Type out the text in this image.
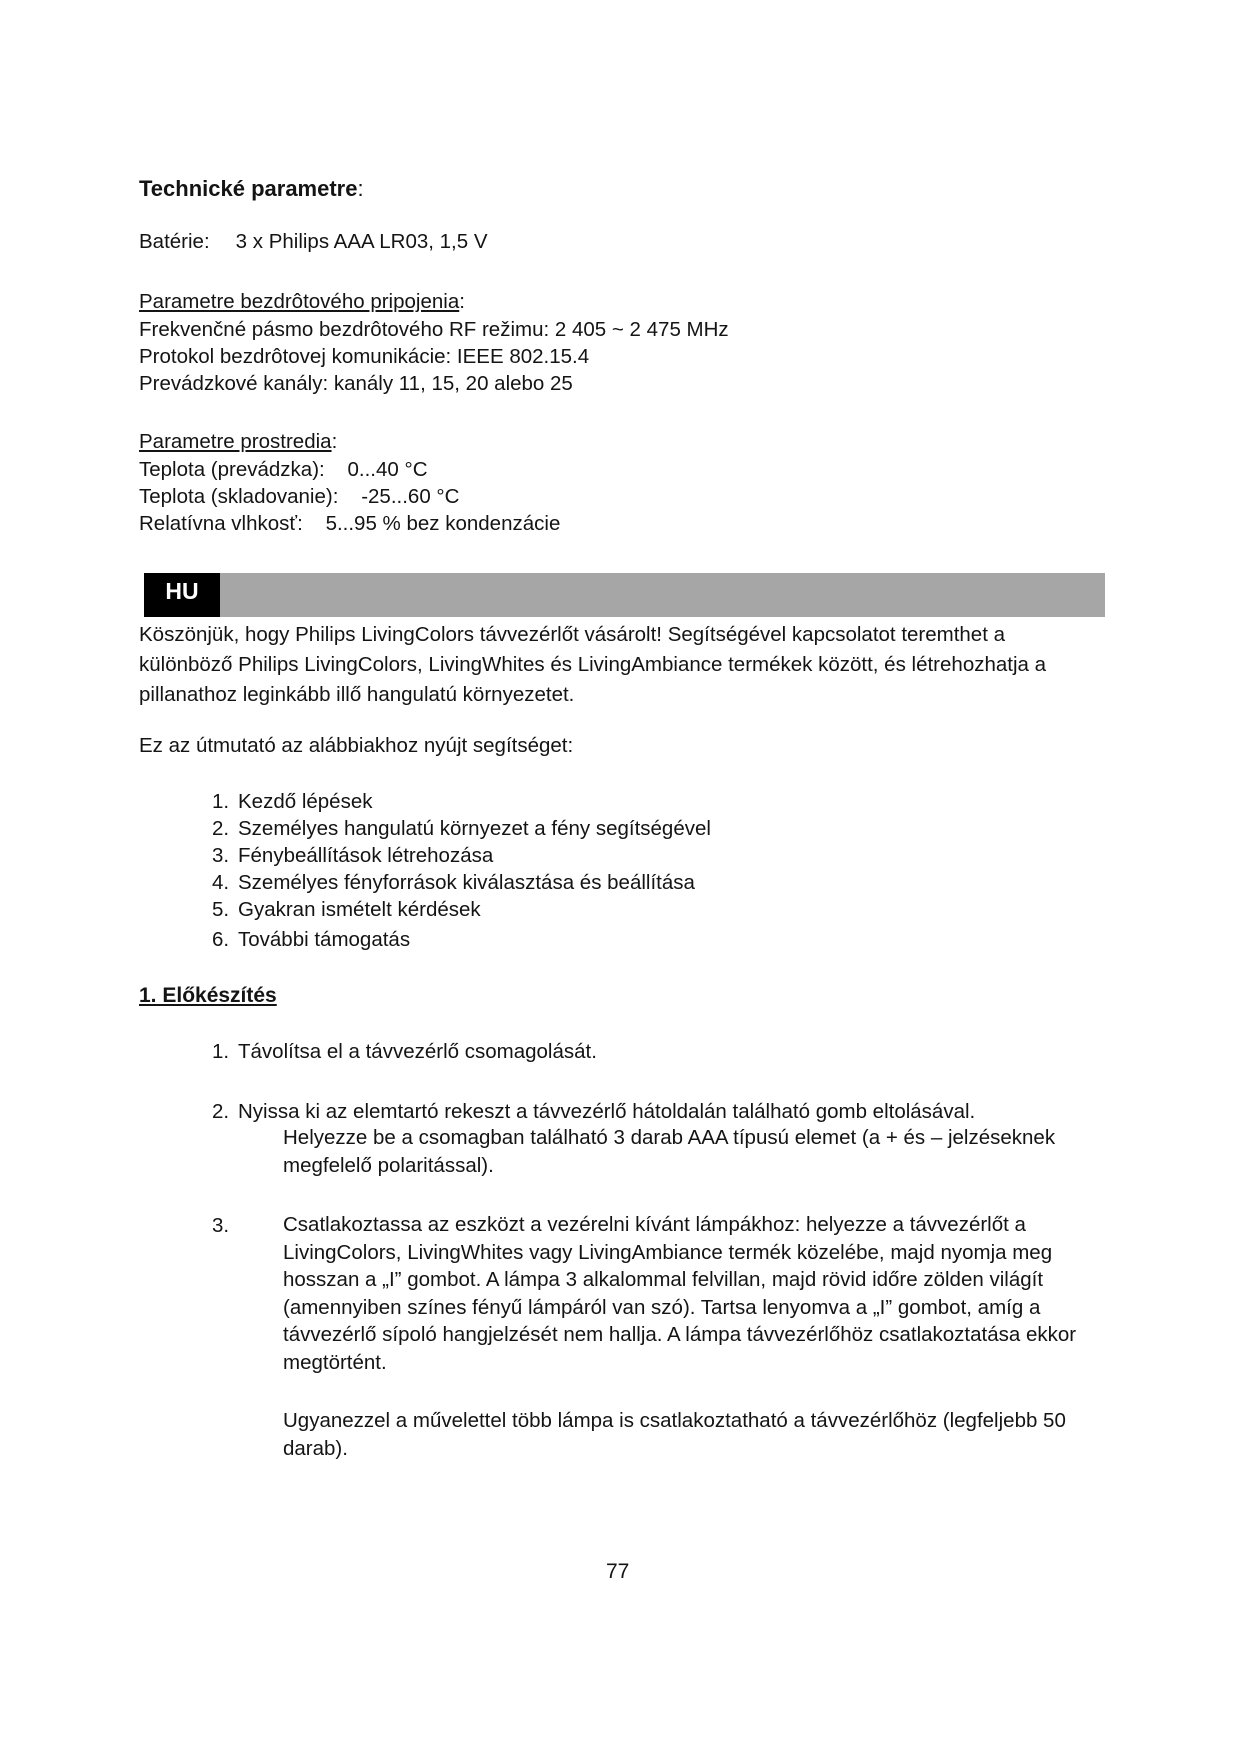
Technické parametre:
Batérie: 3 x Philips AAA LR03, 1,5 V
Parametre bezdrôtového pripojenia:
Frekvenčné pásmo bezdrôtového RF režimu: 2 405 ~ 2 475 MHz
Protokol bezdrôtovej komunikácie: IEEE 802.15.4
Prevádzkové kanály: kanály 11, 15, 20 alebo 25
Parametre prostredia:
Teplota (prevádzka):    0...40 °C
Teplota (skladovanie):    -25...60 °C
Relatívna vlhkosť:    5...95 % bez kondenzácie
HU
Köszönjük, hogy Philips LivingColors távvezérlőt vásárolt! Segítségével kapcsolatot teremthet a különböző Philips LivingColors, LivingWhites és LivingAmbiance termékek között, és létrehozhatja a pillanathoz leginkább illő hangulatú környezetet.
Ez az útmutató az alábbiakhoz nyújt segítséget:
1. Kezdő lépések
2. Személyes hangulatú környezet a fény segítségével
3. Fénybeállítások létrehozása
4. Személyes fényforrások kiválasztása és beállítása
5. Gyakran ismételt kérdések
6. További támogatás
1. Előkészítés
1. Távolítsa el a távvezérlő csomagolását.
2. Nyissa ki az elemtartó rekeszt a távvezérlő hátoldalán található gomb eltolásával.
Helyezze be a csomagban található 3 darab AAA típusú elemet (a + és – jelzéseknek megfelelő polaritással).
3.	Csatlakoztassa az eszközt a vezérelni kívánt lámpákhoz: helyezze a távvezérlőt a LivingColors, LivingWhites vagy LivingAmbiance termék közelébe, majd nyomja meg hosszan a „I” gombot. A lámpa 3 alkalommal felvillan, majd rövid időre zölden világít (amennyiben színes fényű lámpáról van szó). Tartsa lenyomva a „I” gombot, amíg a távvezérlő sípoló hangjelzését nem hallja. A lámpa távvezérlőhöz csatlakoztatása ekkor megtörtént.
Ugyanezzel a művelettel több lámpa is csatlakoztatható a távvezérlőhöz (legfeljebb 50 darab).
77
